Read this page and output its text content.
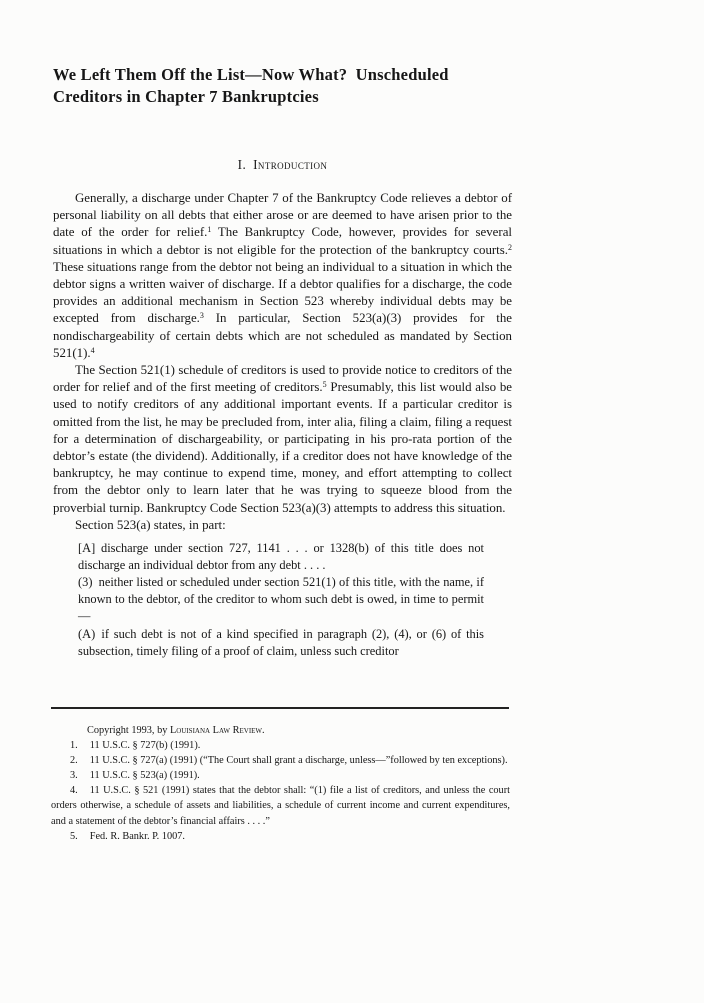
We Left Them Off the List—Now What? Unscheduled
Creditors in Chapter 7 Bankruptcies
I. Introduction

Generally, a discharge under Chapter 7 of the Bankruptcy Code relieves a debtor of personal liability on all debts that either arose or are deemed to have arisen prior to the date of the order for relief.$^1$ The Bankruptcy Code, however, provides for several situations in which a debtor is not eligible for the protection of the bankruptcy courts.$^2$ These situations range from the debtor not being an individual to a situation in which the debtor signs a written waiver of discharge. If a debtor qualifies for a discharge, the code provides an additional mechanism in Section 523 whereby individual debts may be excepted from discharge.$^3$ In particular, Section 523(a)(3) provides for the nondischargeability of certain debts which are not scheduled as mandated by Section 521(1).$^4$

The Section 521(1) schedule of creditors is used to provide notice to creditors of the order for relief and of the first meeting of creditors.$^5$ Presumably, this list would also be used to notify creditors of any additional important events. If a particular creditor is omitted from the list, he may be precluded from, inter alia, filing a claim, filing a request for a determination of dischargeability, or participating in his pro-rata portion of the debtor’s estate (the dividend). Additionally, if a creditor does not have knowledge of the bankruptcy, he may continue to expend time, money, and effort attempting to collect from the debtor only to learn later that he was trying to squeeze blood from the proverbial turnip. Bankruptcy Code Section 523(a)(3) attempts to address this situation.

Section 523(a) states, in part:

[A] discharge under section 727, 1141 . . . or 1328(b) of this title does not discharge an individual debtor from any debt . . . .

(3) neither listed or scheduled under section 521(1) of this title, with the name, if known to the debtor, of the creditor to whom such debt is owed, in time to permit—

(A) if such debt is not of a kind specified in paragraph (2), (4), or (6) of this subsection, timely filing of a proof of claim, unless such creditor

Copyright 1993, by Louisiana Law Review.

1. 11 U.S.C. § 727(b) (1991).

2. 11 U.S.C. § 727(a) (1991) (“The Court shall grant a discharge, unless—”followed by ten exceptions).

3. 11 U.S.C. § 523(a) (1991).

4. 11 U.S.C. § 521 (1991) states that the debtor shall: “(1) file a list of creditors, and unless the court orders otherwise, a schedule of assets and liabilities, a schedule of current income and current expenditures, and a statement of the debtor’s financial affairs . . . .”

5. Fed. R. Bankr. P. 1007.
